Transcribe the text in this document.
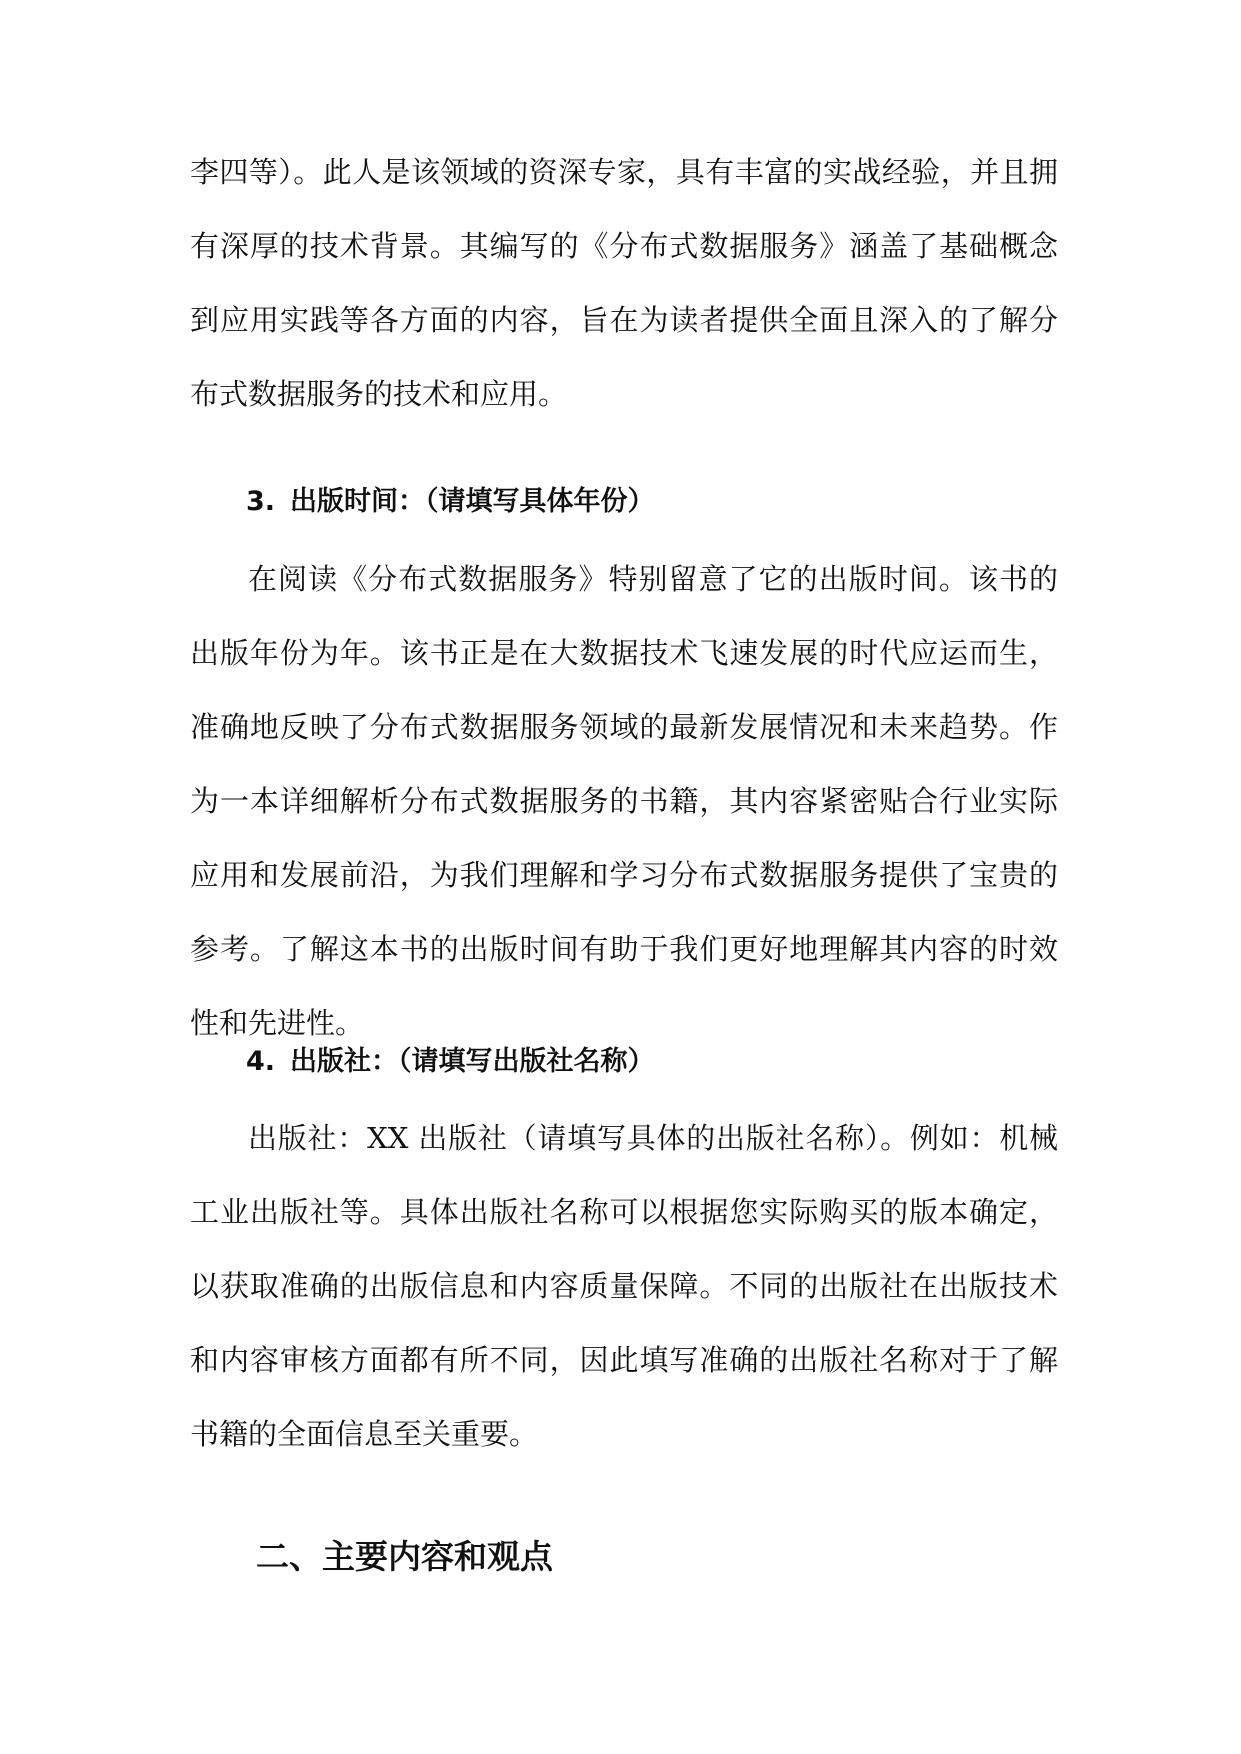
李四等）。此人是该领域的资深专家，具有丰富的实战经验，并且拥有深厚的技术背景。其编写的《分布式数据服务》涵盖了基础概念到应用实践等各方面的内容，旨在为读者提供全面且深入的了解分布式数据服务的技术和应用。

3. 出版时间：（请填写具体年份）

在阅读《分布式数据服务》特别留意了它的出版时间。该书的出版年份为年。该书正是在大数据技术飞速发展的时代应运而生，准确地反映了分布式数据服务领域的最新发展情况和未来趋势。作为一本详细解析分布式数据服务的书籍，其内容紧密贴合行业实际应用和发展前沿，为我们理解和学习分布式数据服务提供了宝贵的参考。了解这本书的出版时间有助于我们更好地理解其内容的时效性和先进性。

4. 出版社：（请填写出版社名称）

出版社：XX 出版社（请填写具体的出版社名称）。例如：机械工业出版社等。具体出版社名称可以根据您实际购买的版本确定，以获取准确的出版信息和内容质量保障。不同的出版社在出版技术和内容审核方面都有所不同，因此填写准确的出版社名称对于了解书籍的全面信息至关重要。

二、主要内容和观点
